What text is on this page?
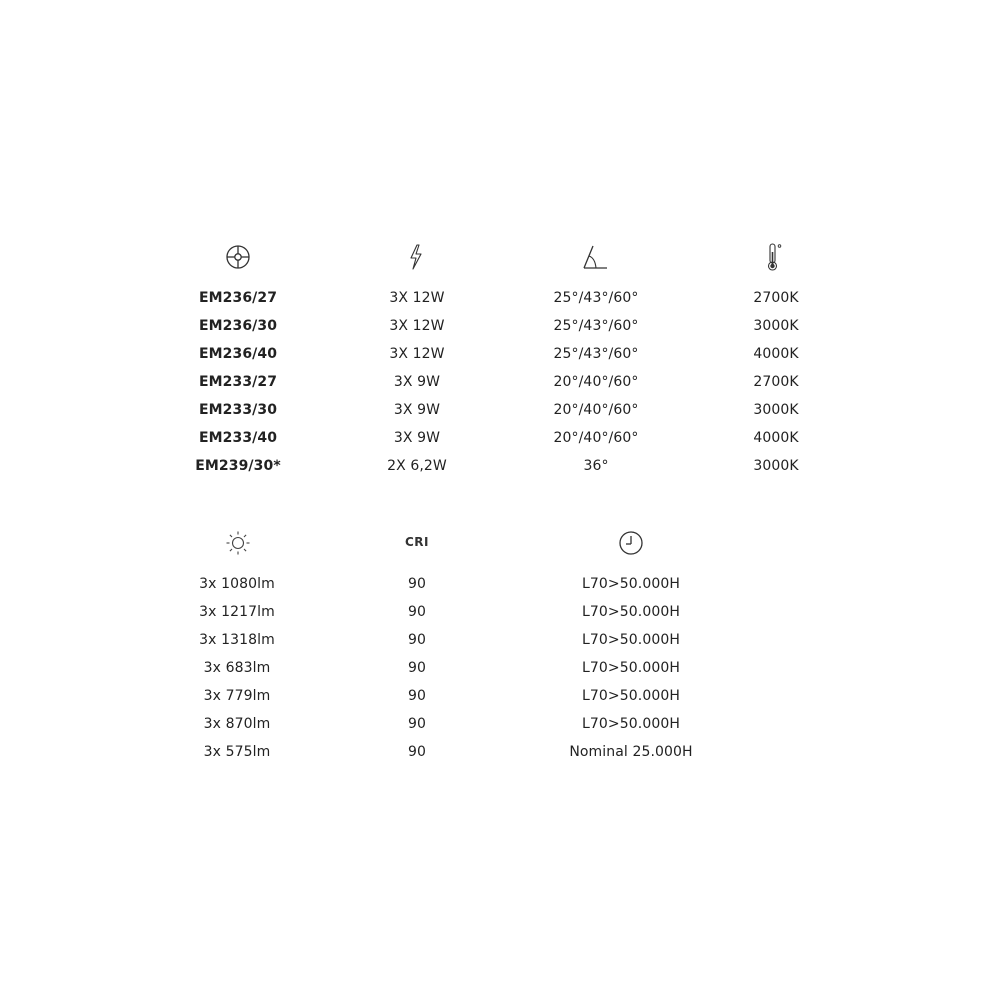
EM236/27	3X 12W	25°/43°/60°	2700K
EM236/30	3X 12W	25°/43°/60°	3000K
EM236/40	3X 12W	25°/43°/60°	4000K
EM233/27	3X 9W	20°/40°/60°	2700K
EM233/30	3X 9W	20°/40°/60°	3000K
EM233/40	3X 9W	20°/40°/60°	4000K
EM239/30*	2X 6,2W	36°	3000K
CRI
3x 1080lm	90	L70>50.000H
3x 1217lm	90	L70>50.000H
3x 1318lm	90	L70>50.000H
3x 683lm	90	L70>50.000H
3x 779lm	90	L70>50.000H
3x 870lm	90	L70>50.000H
3x 575lm	90	Nominal 25.000H
